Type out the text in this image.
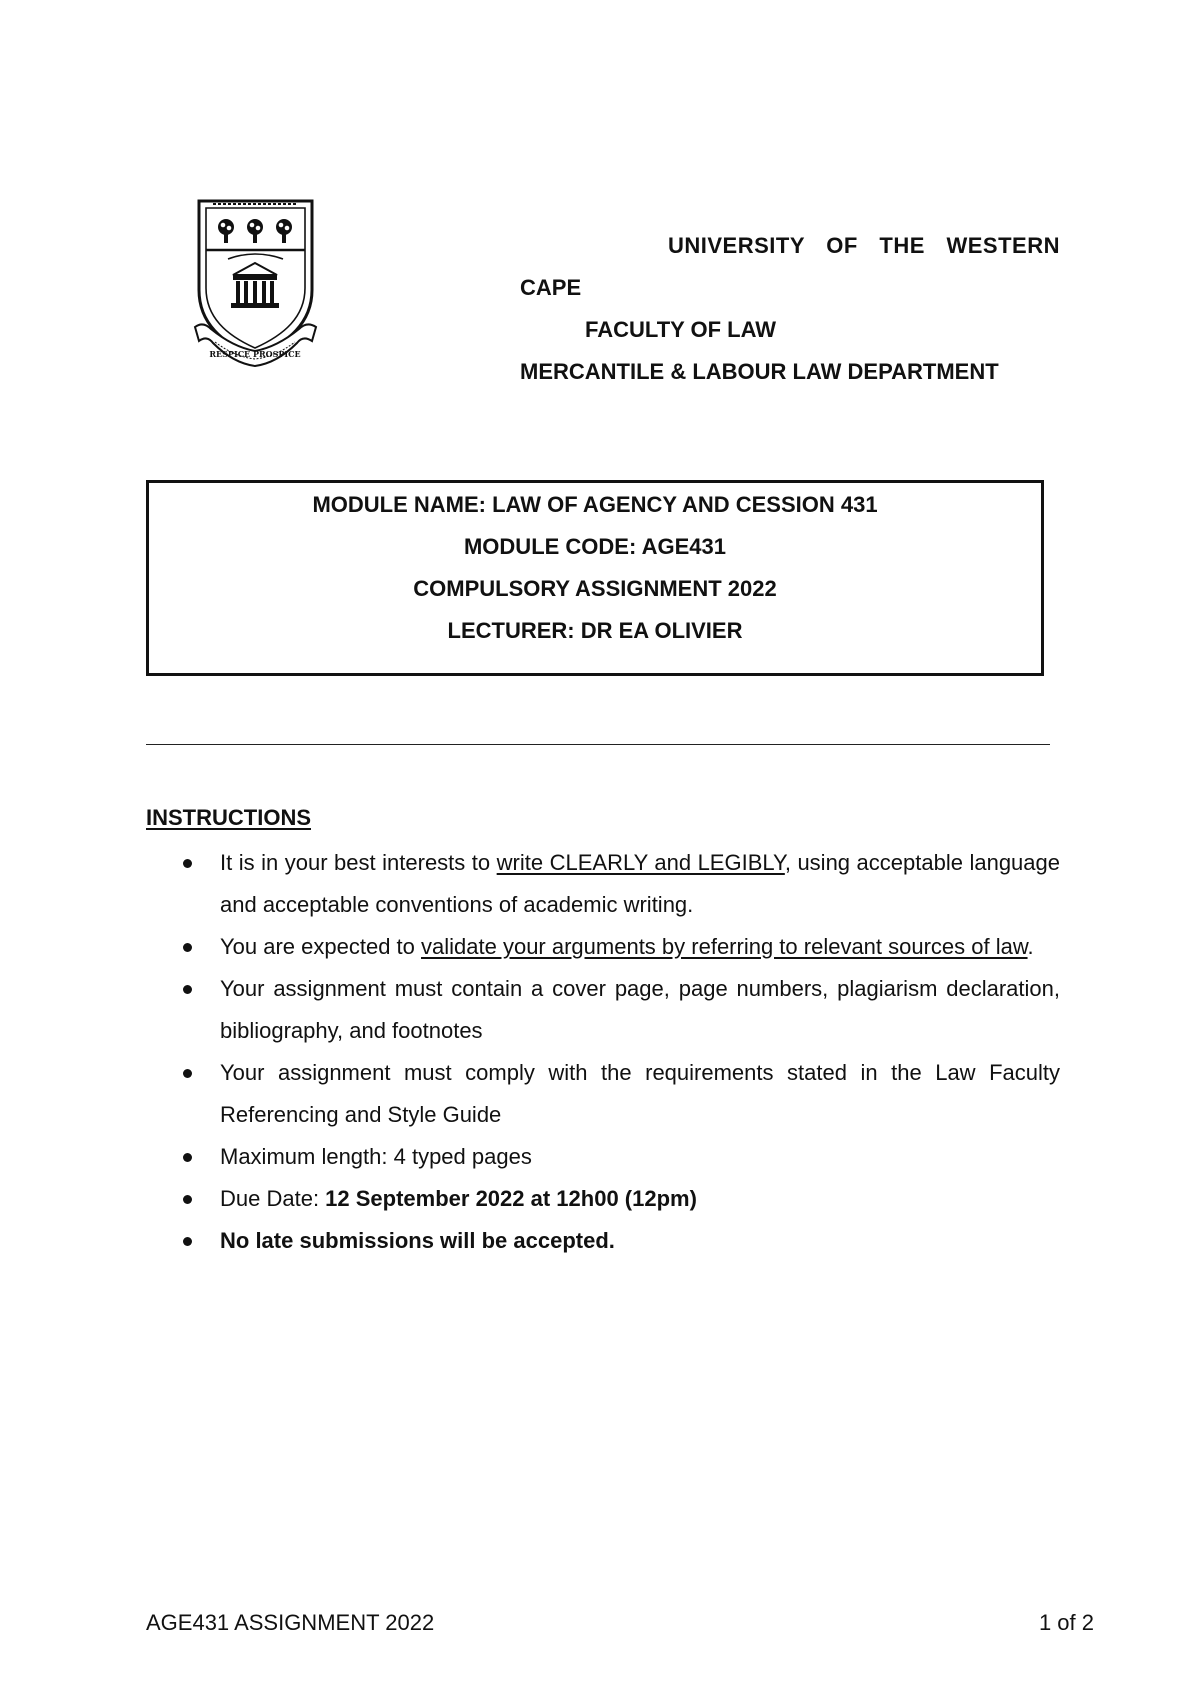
RESPICE PROSPICE
UNIVERSITY OF THE WESTERN
CAPE
FACULTY OF LAW
MERCANTILE & LABOUR LAW DEPARTMENT
MODULE NAME: LAW OF AGENCY AND CESSION 431
MODULE CODE: AGE431
COMPULSORY ASSIGNMENT 2022
LECTURER: DR EA OLIVIER
INSTRUCTIONS
It is in your best interests to write CLEARLY and LEGIBLY, using acceptable language and acceptable conventions of academic writing.
You are expected to validate your arguments by referring to relevant sources of law.
Your assignment must contain a cover page, page numbers, plagiarism declaration, bibliography, and footnotes
Your assignment must comply with the requirements stated in the Law Faculty Referencing and Style Guide
Maximum length: 4 typed pages
Due Date: 12 September 2022 at 12h00 (12pm)
No late submissions will be accepted.
AGE431 ASSIGNMENT 2022	1 of 2
